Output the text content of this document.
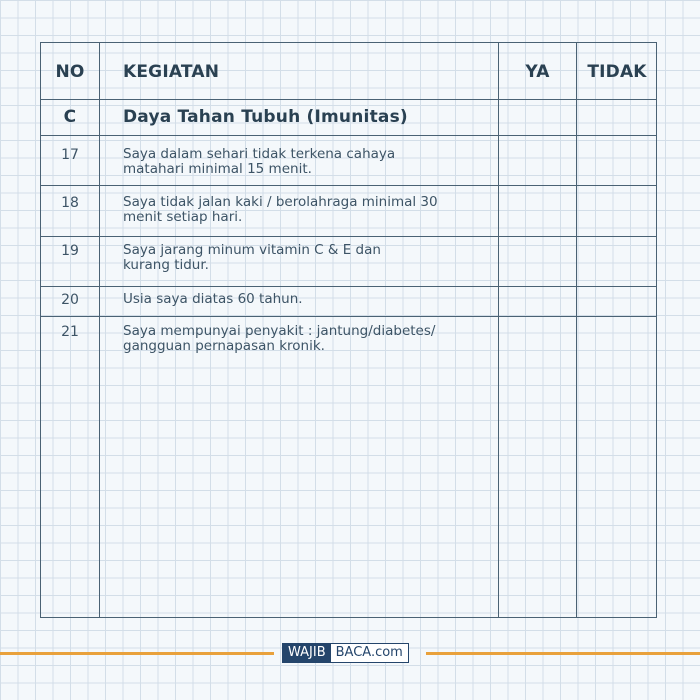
NO	KEGIATAN	YA	TIDAK
C	Daya Tahan Tubuh (Imunitas)
17	Saya dalam sehari tidak terkena cahaya
matahari minimal 15 menit.
18	Saya tidak jalan kaki / berolahraga minimal 30
menit setiap hari.
19	Saya jarang minum vitamin C & E dan
kurang tidur.
20	Usia saya diatas 60 tahun.
21	Saya mempunyai penyakit : jantung/diabetes/
gangguan pernapasan kronik.
WAJIB BACA.com
